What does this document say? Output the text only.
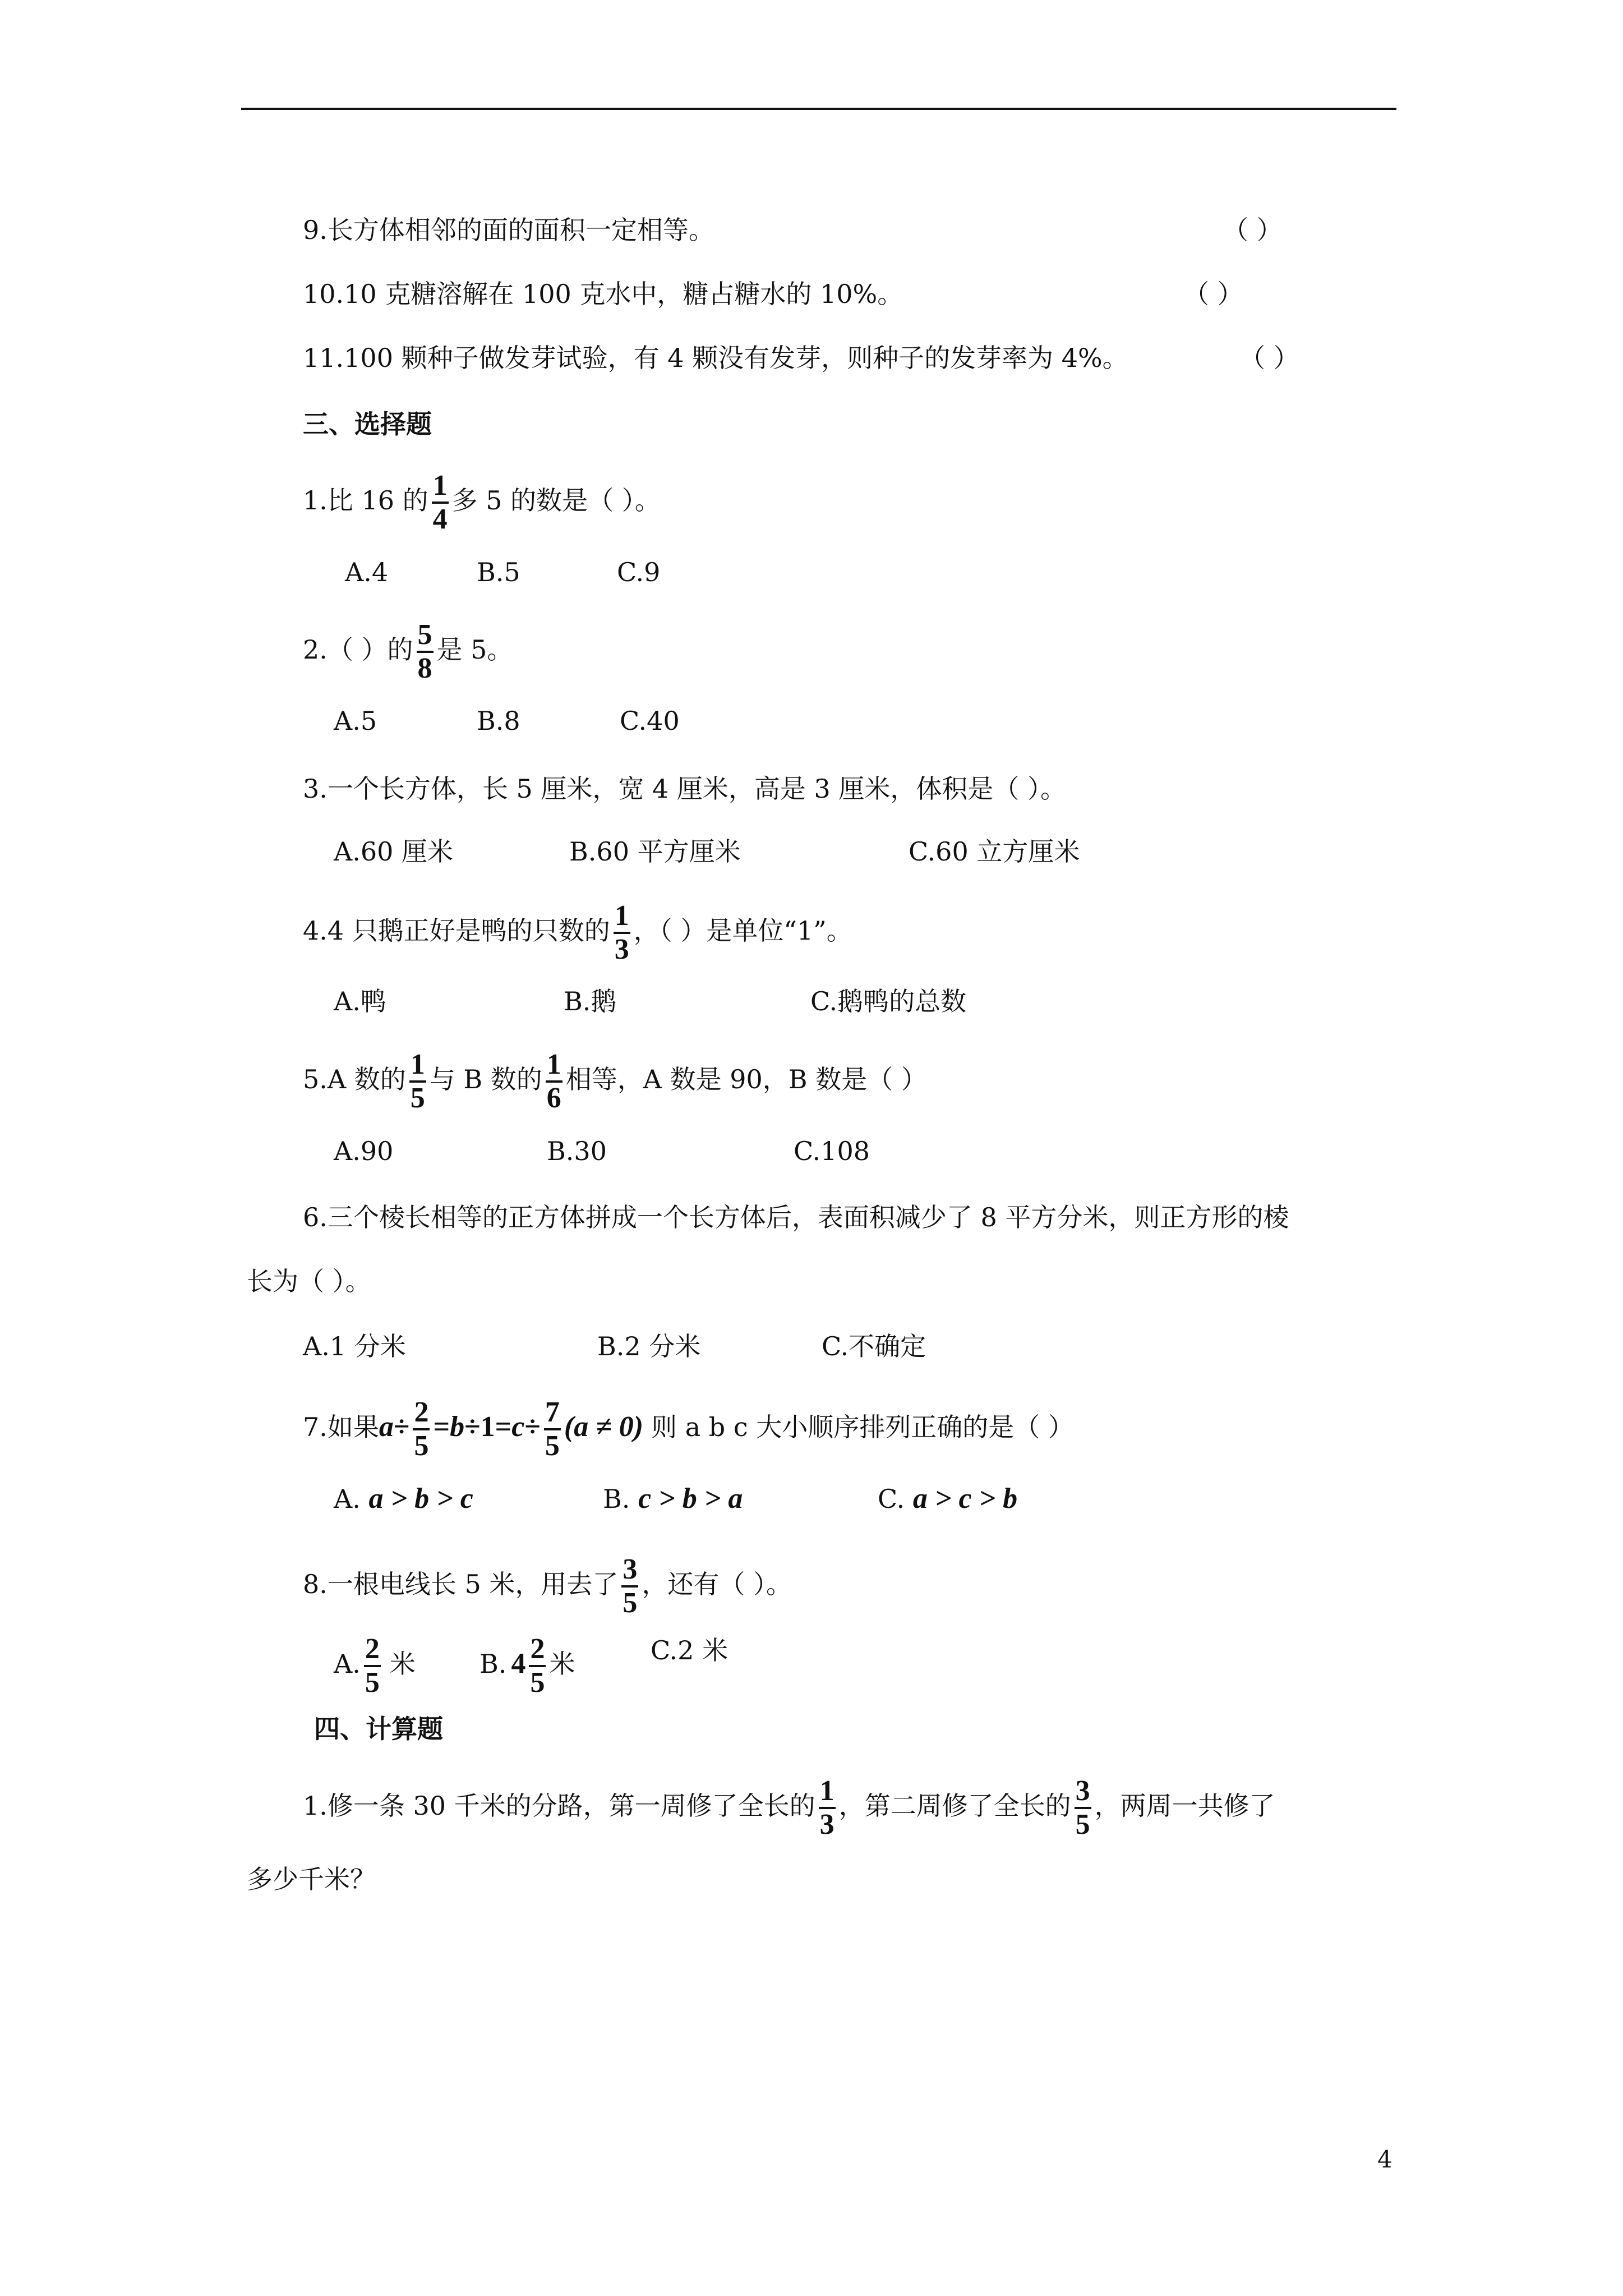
9.长方体相邻的面的面积一定相等。	（ ）
10.10 克糖溶解在 100 克水中，糖占糖水的 10%。	（ ）
11.100 颗种子做发芽试验，有 4 颗没有发芽，则种子的发芽率为 4%。	（ ）
三、选择题
1.比 16 的 $\frac{1}{4}$ 多 5 的数是（ ）。
A.4	B.5	C.9
2.（ ）的 $\frac{5}{8}$ 是 5。
A.5	B.8	C.40
3.一个长方体，长 5 厘米，宽 4 厘米，高是 3 厘米，体积是（ ）。
A.60 厘米	B.60 平方厘米	C.60 立方厘米
4.4 只鹅正好是鸭的只数的 $\frac{1}{3}$ ，（ ）是单位“1”。
A.鸭	B.鹅	C.鹅鸭的总数
5.A 数的 $\frac{1}{5}$ 与 B 数的 $\frac{1}{6}$ 相等，A 数是 90，B 数是（ ）
A.90	B.30	C.108
6.三个棱长相等的正方体拼成一个长方体后，表面积减少了 8 平方分米，则正方形的棱
长为（ ）。
A.1 分米	B.2 分米	C.不确定
7.如果$a\div \frac{2}{5} =b\div 1=c\div \frac{7}{5} (a \ne 0)$ 则 a b c 大小顺序排列正确的是（ ）
A. a > b > c	B. c > b > a	C. a > c > b
8.一根电线长 5 米，用去了 $\frac{3}{5}$ ，还有（ ）。
A. $\frac{2}{5}$ 米 B. $4 \frac{2}{5}$ 米	C.2 米
四、计算题
1.修一条 30 千米的分路，第一周修了全长的 $\frac{1}{3}$ ，第二周修了全长的 $\frac{3}{5}$ ，两周一共修了
多少千米？
4
